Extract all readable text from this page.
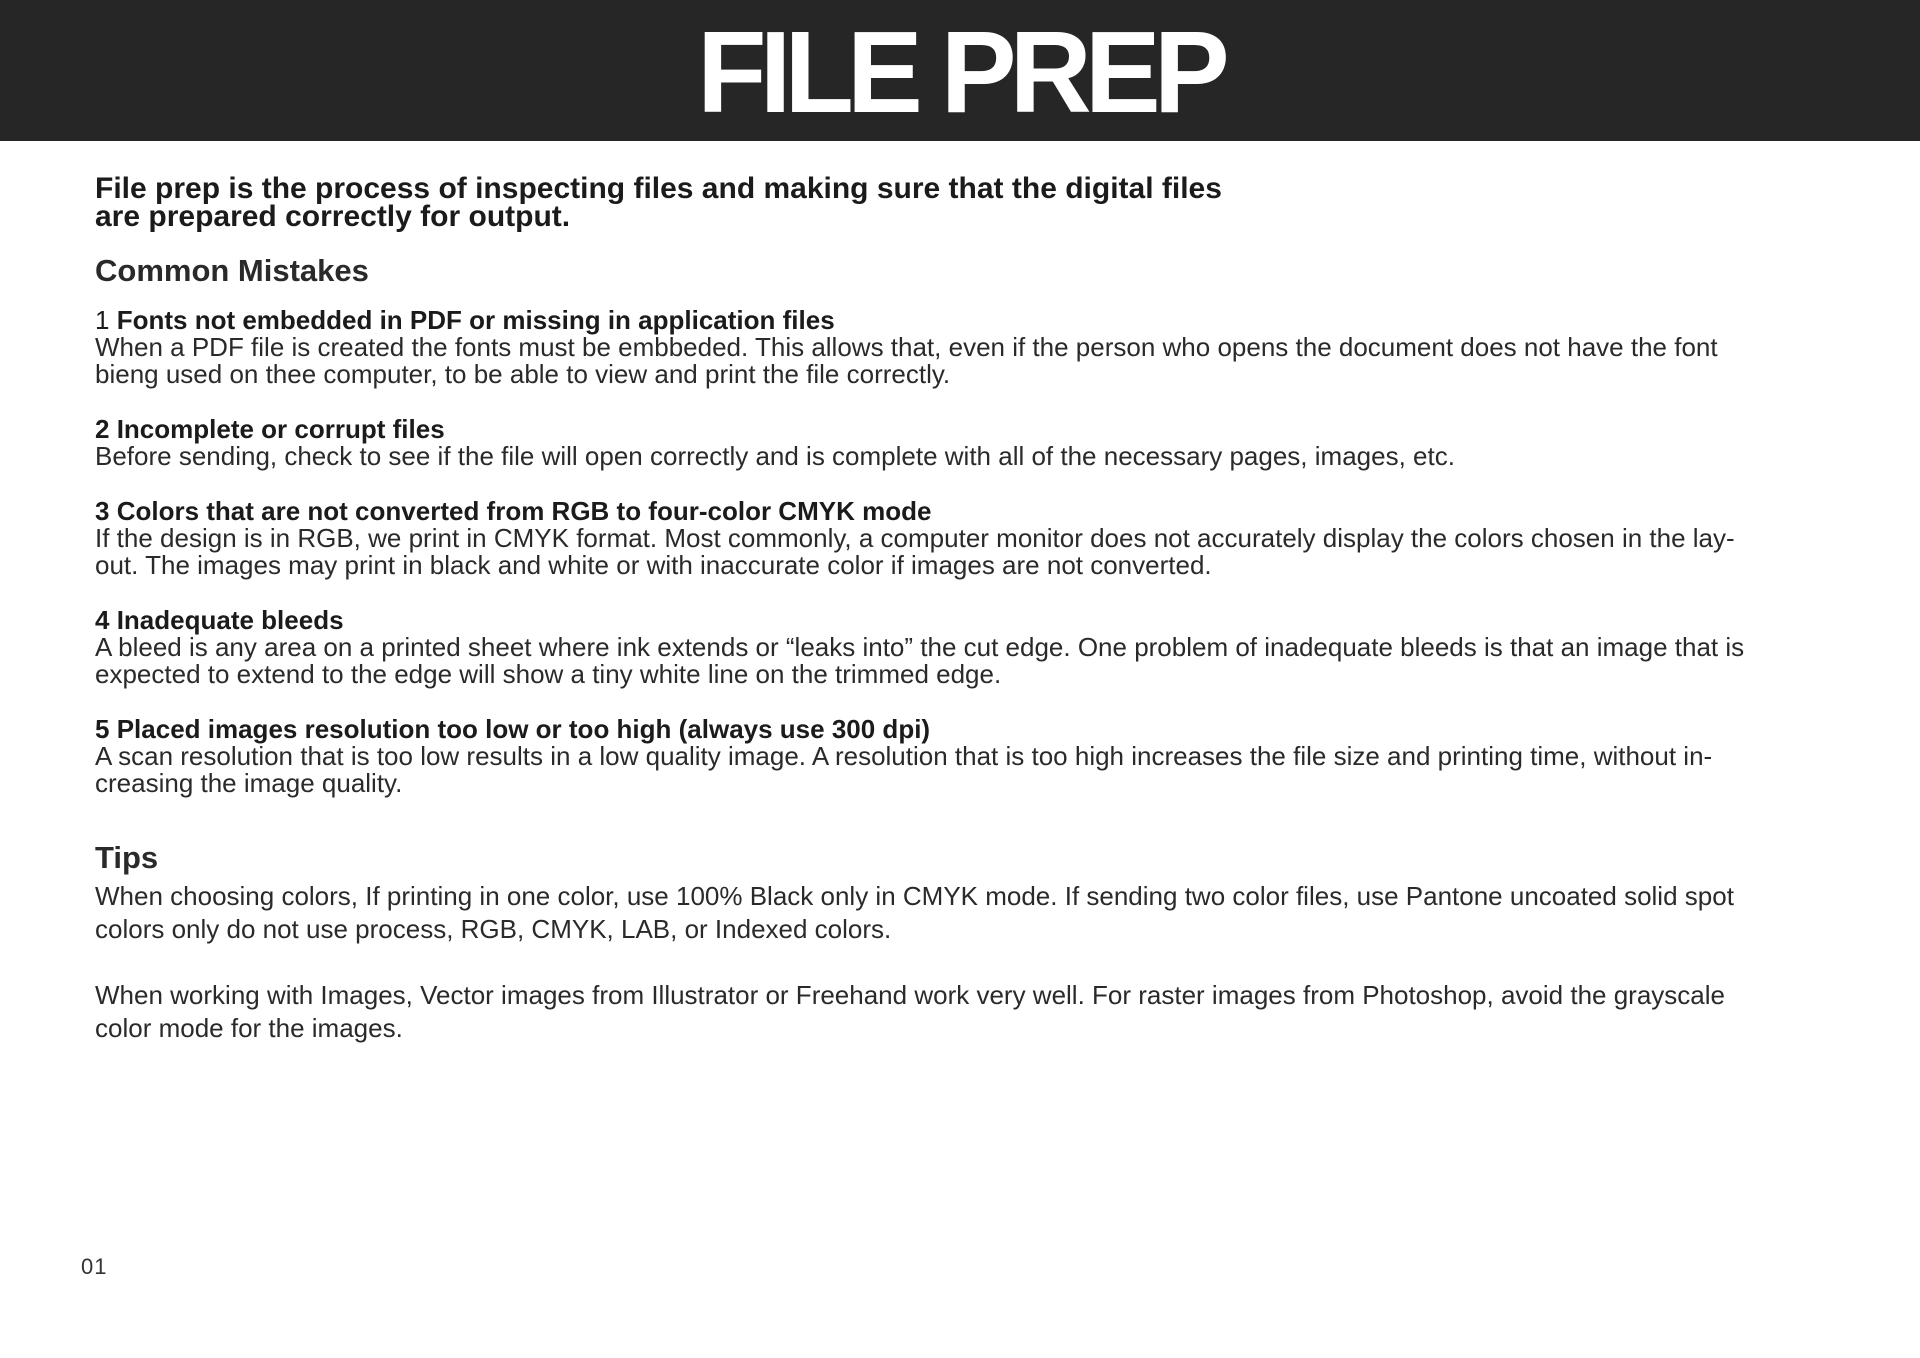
FILE PREP

File prep is the process of inspecting files and making sure that the digital files are prepared correctly for output.

Common Mistakes
1 Fonts not embedded in PDF or missing in application files
When a PDF file is created the fonts must be embbeded. This allows that, even if the person who opens the document does not have the font
bieng used on thee computer, to be able to view and print the file correctly.
2 Incomplete or corrupt files
Before sending, check to see if the file will open correctly and is complete with all of the necessary pages, images, etc.
3 Colors that are not converted from RGB to four-color CMYK mode
If the design is in RGB, we print in CMYK format. Most commonly, a computer monitor does not accurately display the colors chosen in the lay-
out. The images may print in black and white or with inaccurate color if images are not converted.
4 Inadequate bleeds
A bleed is any area on a printed sheet where ink extends or “leaks into” the cut edge. One problem of inadequate bleeds is that an image that is
expected to extend to the edge will show a tiny white line on the trimmed edge.
5 Placed images resolution too low or too high (always use 300 dpi)
A scan resolution that is too low results in a low quality image. A resolution that is too high increases the file size and printing time, without in-
creasing the image quality.
Tips

When choosing colors, If printing in one color, use 100% Black only in CMYK mode. If sending two color files, use Pantone uncoated solid spot
colors only do not use process, RGB, CMYK, LAB, or Indexed colors.

When working with Images, Vector images from Illustrator or Freehand work very well. For raster images from Photoshop, avoid the grayscale
color mode for the images.

01
